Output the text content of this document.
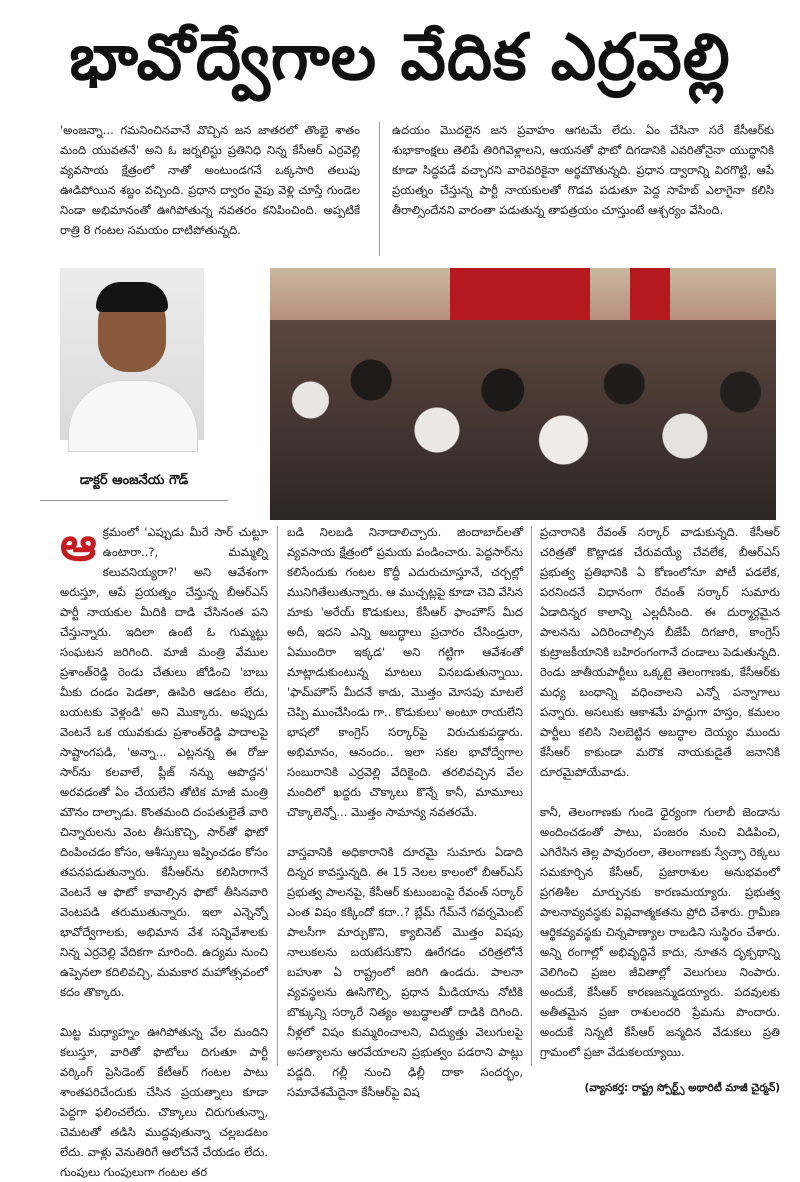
భావోద్వేగాల వేదిక ఎర్రవెల్లి
'అంజన్నా... గమనించినవానే వొచ్చిన జన జాతరలో తొంభై శాతం మంది యువతనే' అని ఓ జర్నలిస్టు ప్రతినిధి నిన్న కేసీఆర్ ఎర్రవెల్లి వ్యవసాయ క్షేత్రంలో నాతో అంటుండగనే ఒక్కసారి తలుపు ఊడిపోయిన శబ్దం వచ్చింది. ప్రధాన ద్వారం వైపు వెళ్లి చూస్తే గుండెల నిండా అభిమానంతో ఊగిపోతున్న నవతరం కనిపించింది. అప్పటికే రాత్రి 8 గంటల సమయం దాటిపోతున్నది.
ఉదయం మొదలైన జన ప్రవాహం ఆగటమే లేదు. ఏం చేసినా సరే కేసీఆర్‌కు శుభాకాంక్షలు తెలిపే తిరిగివెళ్లాలని, ఆయనతో ఫొటో దిగడానికి ఎవరితోనైనా యుద్ధానికి కూడా సిద్ధపడే వచ్చారని వారెవరికైనా అర్థమౌతున్నది. ప్రధాన ద్వారాన్ని విరగొట్టి, ఆపే ప్రయత్నం చేస్తున్న పార్టీ నాయకులతో గొడవ పడుతూ పెద్ద సాహేబ్ ఎలాగైనా కలిసి తీరాల్సిందేనని వారంతా పడుతున్న తాపత్రయం చూస్తుంటే ఆశ్చర్యం వేసింది.
డాక్టర్ ఆంజనేయ గౌడ్
ఆక్రమంలో 'ఎప్పుడు మీరే సార్ చుట్టూ ఉంటారా..?, మమ్మల్ని కలువనియ్యరా?' అని ఆవేశంగా అరుస్తూ, ఆపే ప్రయత్నం చేస్తున్న బీఆర్ఎస్ పార్టీ నాయకుల మీదికి దాడి చేసినంత పని చేస్తున్నారు. ఇదిలా ఉంటే ఓ గుమ్మట్టు సంఘటన జరిగింది. మాజీ మంత్రి వేముల ప్రశాంత్‌రెడ్డి రెండు చేతులు జోడించి 'బాబు మీకు దండం పెడతా, ఊపిరి ఆడటం లేదు, బయటకు వెళ్లండి' అని మొక్కారు. అప్పుడు వెంటనే ఒక యువకుడు ప్రశాంత్‌రెడ్డి పాదాలపై సాష్టాంగపడి, 'అన్నా... ఎట్లనన్న ఈ రోజు సార్‌ను కలవాలే, ప్లీజ్ నన్ను ఆపొద్దన' అరవడంతో ఏం చేయలేని తోటిక మాజీ మంత్రి మౌనం దాల్చాడు. కొంతమంది దంపతులైతే వారి చిన్నారులను వెంట తీసుకొచ్చి, సార్‌తో ఫొటో దింపించడం కోసం, ఆశీస్సులు ఇప్పించడం కోసం తపనపడుతున్నారు. కేసీఆర్‌ను కలిసిరాగానే వెంటనే ఆ ఫొటో కావాల్సిన ఫొటో తీసినవారి వెంటపడి తరుముతున్నారు. ఇలా ఎన్నెన్నో భావోద్వేగాలకు, అభిమాన వేశ సన్నివేశాలకు నిన్న ఎర్రవెల్లి వేదికగా మారింది. ఉద్యమ నుంచి ఉప్పెనలా కదిలివచ్చి, మమకార మహోత్సవంలో కదం తొక్కారు.

మిట్ట మధ్యాహ్నం ఊగిపోతున్న వేల మందిని కలుస్తూ, వారితో ఫొటోలు దిగుతూ పార్టీ వర్కింగ్ ప్రెసిడెంట్ కేటీఆర్ గంటల పాటు శాంతపరిచేందుకు చేసిన ప్రయత్నాలు కూడా పెద్దగా ఫలించలేదు. చొక్కాలు చిరుగుతున్నా, చెమటతో తడిసి ముద్దవుతున్నా చల్లబడటం లేదు. వాళ్లు వెనుతిరిగే ఆలోచనే చేయడం లేదు. గుంపులు గుంపులుగా గంటల తర
బడి నిలబడి నినాదాలిచ్చారు. జిందాబాద్‌లతో వ్యవసాయ క్షేత్రంలో ప్రమయ పండించారు. పెద్దసార్‌ను కలిసేందుకు గంటల కొద్దీ ఎదురుచూస్తూనే, చర్చల్లో మునిగితేలుతున్నారు. ఆ ముచ్చట్లపై కూడా చెవి వేసిన మాకు 'అరేయ్ కొడుకులు, కేసీఆర్ ఫాంహౌస్ మీద అదీ, ఇదని ఎన్ని అబద్ధాలు ప్రచారం చేసిండ్రురా, ఏముందిరా ఇక్కడ' అని గట్టిగా ఆవేశంతో మాట్లాడుకుంటున్న మాటలు వినబడుతున్నాయి. 'ఫామ్‌హౌస్ మీదనే కాదు, మొత్తం మోసపు మాటలే చెప్పి ముంచేసిండు గా.. కొడుకులు' అంటూ రాయలేని భాషలో కాంగ్రెస్ సర్కార్‌పై విరుచుకుపడ్డారు. అభిమానం, ఆనందం.. ఇలా సకల భావోద్వేగాల సంబురానికి ఎర్రవెల్లి వేదికైంది. తరలివచ్చిన వేల మందిలో ఖద్దరు చొక్కాలు కొన్నే కానీ, మామూలు చొక్కాలెన్నో... మొత్తం సామాన్య నవతరమే.

వాస్తవానికి అధికారానికి దూరమై సుమారు ఏడాది దిన్నర కావస్తున్నది. ఈ 15 నెలల కాలంలో బీఆర్ఎస్ ప్రభుత్వ పాలనపై, కేసీఆర్ కుటుంబంపై రేవంత్ సర్కార్ ఎంత విషం కక్కిందో కదా..? బ్లేమ్ గేమ్‌నే గవర్నమెంట్ పాలసీగా మార్చుకొని, క్యాబినెట్ మొత్తం విషపు నాలుకలను బయటేసుకొని ఊరేగడం చరిత్రలోనే బహుశా ఏ రాష్ట్రంలో జరిగి ఉండదు. పాలనా వ్యవస్థలను ఊసిగొల్పి, ప్రధాన మీడియాను నోటికి బొక్కున్ని సర్కారే నిత్యం అబద్ధాలతో దాడికి దిగింది. నీళ్లలో విషం కుమ్మరించాలని, విద్యుత్తు వెలుగులపై అసత్యాలను ఆరవేయాలని ప్రభుత్వం పడరాని పాట్లు పడ్డది. గల్లీ నుంచి ఢిల్లీ దాకా సందర్భం, సమావేశమేదైనా కేసీఆర్‌పై విష
ప్రచారానికి రేవంత్ సర్కార్ వాడుకున్నది. కేసీఆర్ చరిత్రతో కొట్లాడక చేరువయ్యే చేవలేక, బీఆర్ఎస్ ప్రభుత్వ ప్రతిభానికి ఏ కోణంలోనూ పోటీ పడలేక, పరనిందనే విధానంగా రేవంత్ సర్కార్ సుమారు ఏడాదిన్నర కాలాన్ని ఎల్లదీసింది. ఈ దుర్మార్గమైన పాలనను ఎదిరించాల్సిన బీజేపీ దిగజారి, కాంగ్రెస్ కుట్రాజకీయానికి బహిరంగంగానే దండాలు పెడుతున్నది. రెండు జాతీయపార్టీలు ఒక్కటై తెలంగాణకు, కేసీఆర్‌కు మధ్య బంధాన్ని వధించాలని ఎన్నో పన్నాగాలు పన్నారు. అసలుకు ఆకాశమే హద్దుగా హస్తం, కమలం పార్టీలు కలిసి నిలబెట్టిన అబద్ధాల దెయ్యం ముందు కేసీఆర్ కాకుండా మరొక నాయకుడైతే జనానికి దూరమైపోయేవాడు.

కానీ, తెలంగాణకు గుండె ధైర్యంగా గులాబీ జెండాను అందించడంతో పాటు, పంజరం నుంచి విడిపించి, ఎగిరేసిన తెల్ల పావురంలా, తెలంగాణకు స్వేచ్ఛా రెక్కలు సమకూర్చిన కేసీఆర్, ప్రజారాశుల అనుభవంలో ప్రగతిశీల మార్పునకు కారణమయ్యారు. ప్రభుత్వ పాలనావ్యవస్థకు విప్లవాత్మకతను ప్రోది చేశారు. గ్రామీణ ఆర్థికవ్యవస్థకు చిన్నపాణ్యాల రాబడిని సుస్థిరం చేశారు. అన్ని రంగాల్లో అభివృద్ధినే కాదు, నూతన దృక్పథాన్ని వెలిగించి ప్రజల జీవితాల్లో వెలుగులు నింపారు. అందుకే, కేసీఆర్ కారణజన్ముడయ్యారు. పదవులకు అతీతమైన ప్రజా రాశులందరి ప్రేమను పొందారు. అందుకే నిన్నటి కేసీఆర్ జన్మదిన వేడుకలు ప్రతి గ్రామంలో ప్రజా వేడుకలయ్యాయి.
(వ్యాసకర్త: రాష్ట్ర స్పోర్ట్స్ అథారిటీ మాజీ చైర్మన్)
